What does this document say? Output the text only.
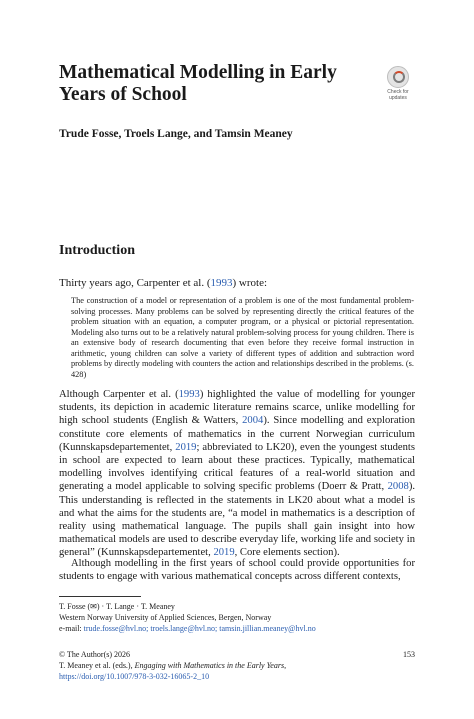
Mathematical Modelling in Early Years of School	Check for updates

Trude Fosse, Troels Lange, and Tamsin Meaney

Introduction

Thirty years ago, Carpenter et al. (1993) wrote:

The construction of a model or representation of a problem is one of the most fundamental problem-solving processes. Many problems can be solved by representing directly the critical features of the problem situation with an equation, a computer program, or a physical or pictorial representation. Modeling also turns out to be a relatively natural problem-solving process for young children. There is an extensive body of research documenting that even before they receive formal instruction in arithmetic, young children can solve a variety of different types of addition and subtraction word problems by directly modeling with counters the action and relationships described in the problems. (s. 428)

Although Carpenter et al. (1993) highlighted the value of modelling for younger students, its depiction in academic literature remains scarce, unlike modelling for high school students (English & Watters, 2004). Since modelling and exploration constitute core elements of mathematics in the current Norwegian curriculum (Kunnskapsdepartementet, 2019; abbreviated to LK20), even the youngest students in school are expected to learn about these practices. Typically, mathematical modelling involves identifying critical features of a real-world situation and generating a model applicable to solving specific problems (Doerr & Pratt, 2008). This understanding is reflected in the statements in LK20 about what a model is and what the aims for the students are, “a model in mathematics is a description of reality using mathematical language. The pupils shall gain insight into how mathematical models are used to describe everyday life, working life and society in general” (Kunnskapsdepartementet, 2019, Core elements section).

Although modelling in the first years of school could provide opportunities for students to engage with various mathematical concepts across different contexts,

T. Fosse (✉) · T. Lange · T. Meaney
Western Norway University of Applied Sciences, Bergen, Norway
e-mail: trude.fosse@hvl.no; troels.lange@hvl.no; tamsin.jillian.meaney@hvl.no
© The Author(s) 2026	153
T. Meaney et al. (eds.), Engaging with Mathematics in the Early Years,
https://doi.org/10.1007/978-3-032-16065-2_10
